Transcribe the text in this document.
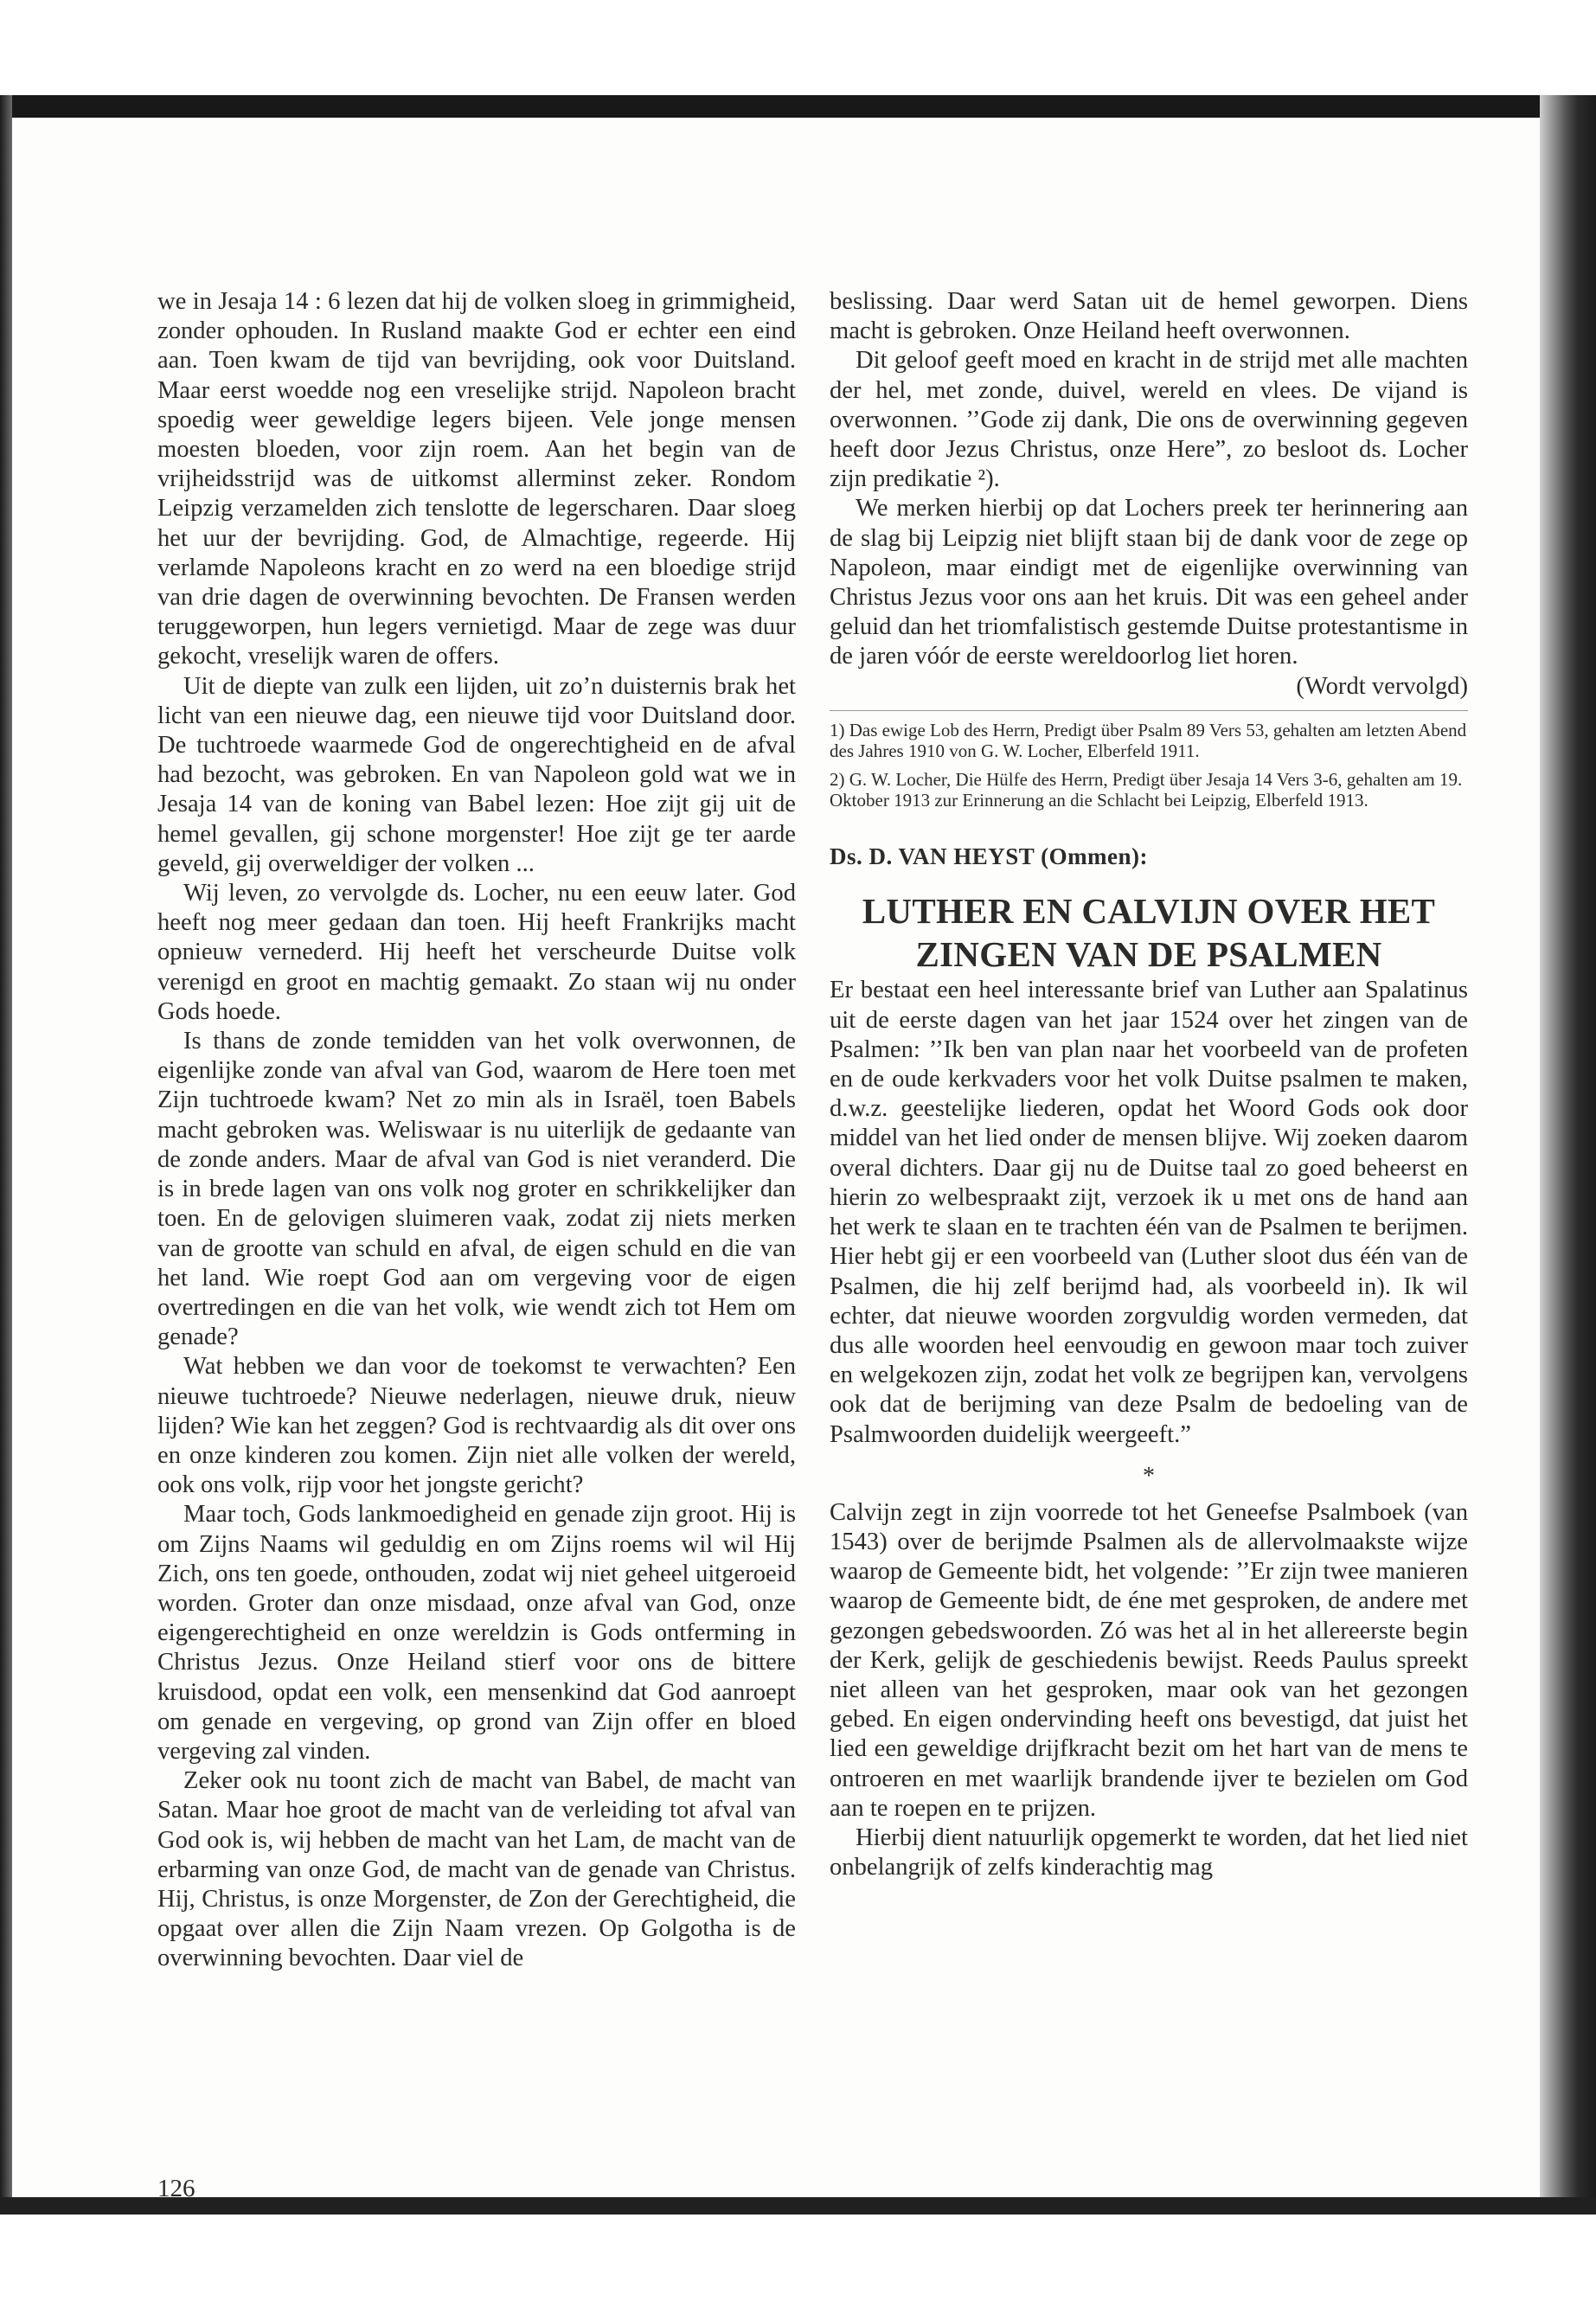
we in Jesaja 14 : 6 lezen dat hij de volken sloeg in grimmigheid, zonder ophouden. In Rusland maakte God er echter een eind aan. Toen kwam de tijd van bevrijding, ook voor Duitsland. Maar eerst woedde nog een vreselijke strijd. Napoleon bracht spoedig weer geweldige legers bijeen. Vele jonge mensen moesten bloeden, voor zijn roem. Aan het begin van de vrijheidsstrijd was de uitkomst allerminst zeker. Rondom Leipzig verzamelden zich tenslotte de legerscharen. Daar sloeg het uur der bevrijding. God, de Almachtige, regeerde. Hij verlamde Napoleons kracht en zo werd na een bloedige strijd van drie dagen de overwinning bevochten. De Fransen werden teruggeworpen, hun legers vernietigd. Maar de zege was duur gekocht, vreselijk waren de offers.

Uit de diepte van zulk een lijden, uit zo’n duisternis brak het licht van een nieuwe dag, een nieuwe tijd voor Duitsland door. De tuchtroede waarmede God de ongerechtigheid en de afval had bezocht, was gebroken. En van Napoleon gold wat we in Jesaja 14 van de koning van Babel lezen: Hoe zijt gij uit de hemel gevallen, gij schone morgenster! Hoe zijt ge ter aarde geveld, gij overweldiger der volken ...

Wij leven, zo vervolgde ds. Locher, nu een eeuw later. God heeft nog meer gedaan dan toen. Hij heeft Frankrijks macht opnieuw vernederd. Hij heeft het verscheurde Duitse volk verenigd en groot en machtig gemaakt. Zo staan wij nu onder Gods hoede.

Is thans de zonde temidden van het volk overwonnen, de eigenlijke zonde van afval van God, waarom de Here toen met Zijn tuchtroede kwam? Net zo min als in Israël, toen Babels macht gebroken was. Weliswaar is nu uiterlijk de gedaante van de zonde anders. Maar de afval van God is niet veranderd. Die is in brede lagen van ons volk nog groter en schrikkelijker dan toen. En de gelovigen sluimeren vaak, zodat zij niets merken van de grootte van schuld en afval, de eigen schuld en die van het land. Wie roept God aan om vergeving voor de eigen overtredingen en die van het volk, wie wendt zich tot Hem om genade?

Wat hebben we dan voor de toekomst te verwachten? Een nieuwe tuchtroede? Nieuwe nederlagen, nieuwe druk, nieuw lijden? Wie kan het zeggen? God is rechtvaardig als dit over ons en onze kinderen zou komen. Zijn niet alle volken der wereld, ook ons volk, rijp voor het jongste gericht?

Maar toch, Gods lankmoedigheid en genade zijn groot. Hij is om Zijns Naams wil geduldig en om Zijns roems wil wil Hij Zich, ons ten goede, onthouden, zodat wij niet geheel uitgeroeid worden. Groter dan onze misdaad, onze afval van God, onze eigengerechtigheid en onze wereldzin is Gods ontferming in Christus Jezus. Onze Heiland stierf voor ons de bittere kruisdood, opdat een volk, een mensenkind dat God aanroept om genade en vergeving, op grond van Zijn offer en bloed vergeving zal vinden.

Zeker ook nu toont zich de macht van Babel, de macht van Satan. Maar hoe groot de macht van de verleiding tot afval van God ook is, wij hebben de macht van het Lam, de macht van de erbarming van onze God, de macht van de genade van Christus. Hij, Christus, is onze Morgenster, de Zon der Gerechtigheid, die opgaat over allen die Zijn Naam vrezen. Op Golgotha is de overwinning bevochten. Daar viel de

beslissing. Daar werd Satan uit de hemel geworpen. Diens macht is gebroken. Onze Heiland heeft overwonnen.

Dit geloof geeft moed en kracht in de strijd met alle machten der hel, met zonde, duivel, wereld en vlees. De vijand is overwonnen. ’’Gode zij dank, Die ons de overwinning gegeven heeft door Jezus Christus, onze Here”, zo besloot ds. Locher zijn predikatie ²).

We merken hierbij op dat Lochers preek ter herinnering aan de slag bij Leipzig niet blijft staan bij de dank voor de zege op Napoleon, maar eindigt met de eigenlijke overwinning van Christus Jezus voor ons aan het kruis. Dit was een geheel ander geluid dan het triomfalistisch gestemde Duitse protestantisme in de jaren vóór de eerste wereldoorlog liet horen.

(Wordt vervolgd)

1) Das ewige Lob des Herrn, Predigt über Psalm 89 Vers 53, gehalten am letzten Abend des Jahres 1910 von G. W. Locher, Elberfeld 1911.

2) G. W. Locher, Die Hülfe des Herrn, Predigt über Jesaja 14 Vers 3-6, gehalten am 19. Oktober 1913 zur Erinnerung an die Schlacht bei Leipzig, Elberfeld 1913.

Ds. D. VAN HEYST (Ommen):
LUTHER EN CALVIJN OVER HET
ZINGEN VAN DE PSALMEN

Er bestaat een heel interessante brief van Luther aan Spalatinus uit de eerste dagen van het jaar 1524 over het zingen van de Psalmen: ’’Ik ben van plan naar het voorbeeld van de profeten en de oude kerkvaders voor het volk Duitse psalmen te maken, d.w.z. geestelijke liederen, opdat het Woord Gods ook door middel van het lied onder de mensen blijve. Wij zoeken daarom overal dichters. Daar gij nu de Duitse taal zo goed beheerst en hierin zo welbespraakt zijt, verzoek ik u met ons de hand aan het werk te slaan en te trachten één van de Psalmen te berijmen. Hier hebt gij er een voorbeeld van (Luther sloot dus één van de Psalmen, die hij zelf berijmd had, als voorbeeld in). Ik wil echter, dat nieuwe woorden zorgvuldig worden vermeden, dat dus alle woorden heel eenvoudig en gewoon maar toch zuiver en welgekozen zijn, zodat het volk ze begrijpen kan, vervolgens ook dat de berijming van deze Psalm de bedoeling van de Psalmwoorden duidelijk weergeeft.”

*

Calvijn zegt in zijn voorrede tot het Geneefse Psalmboek (van 1543) over de berijmde Psalmen als de allervolmaakste wijze waarop de Gemeente bidt, het volgende: ’’Er zijn twee manieren waarop de Gemeente bidt, de éne met gesproken, de andere met gezongen gebedswoorden. Zó was het al in het allereerste begin der Kerk, gelijk de geschiedenis bewijst. Reeds Paulus spreekt niet alleen van het gesproken, maar ook van het gezongen gebed. En eigen ondervinding heeft ons bevestigd, dat juist het lied een geweldige drijfkracht bezit om het hart van de mens te ontroeren en met waarlijk brandende ijver te bezielen om God aan te roepen en te prijzen.

Hierbij dient natuurlijk opgemerkt te worden, dat het lied niet onbelangrijk of zelfs kinderachtig mag

126
